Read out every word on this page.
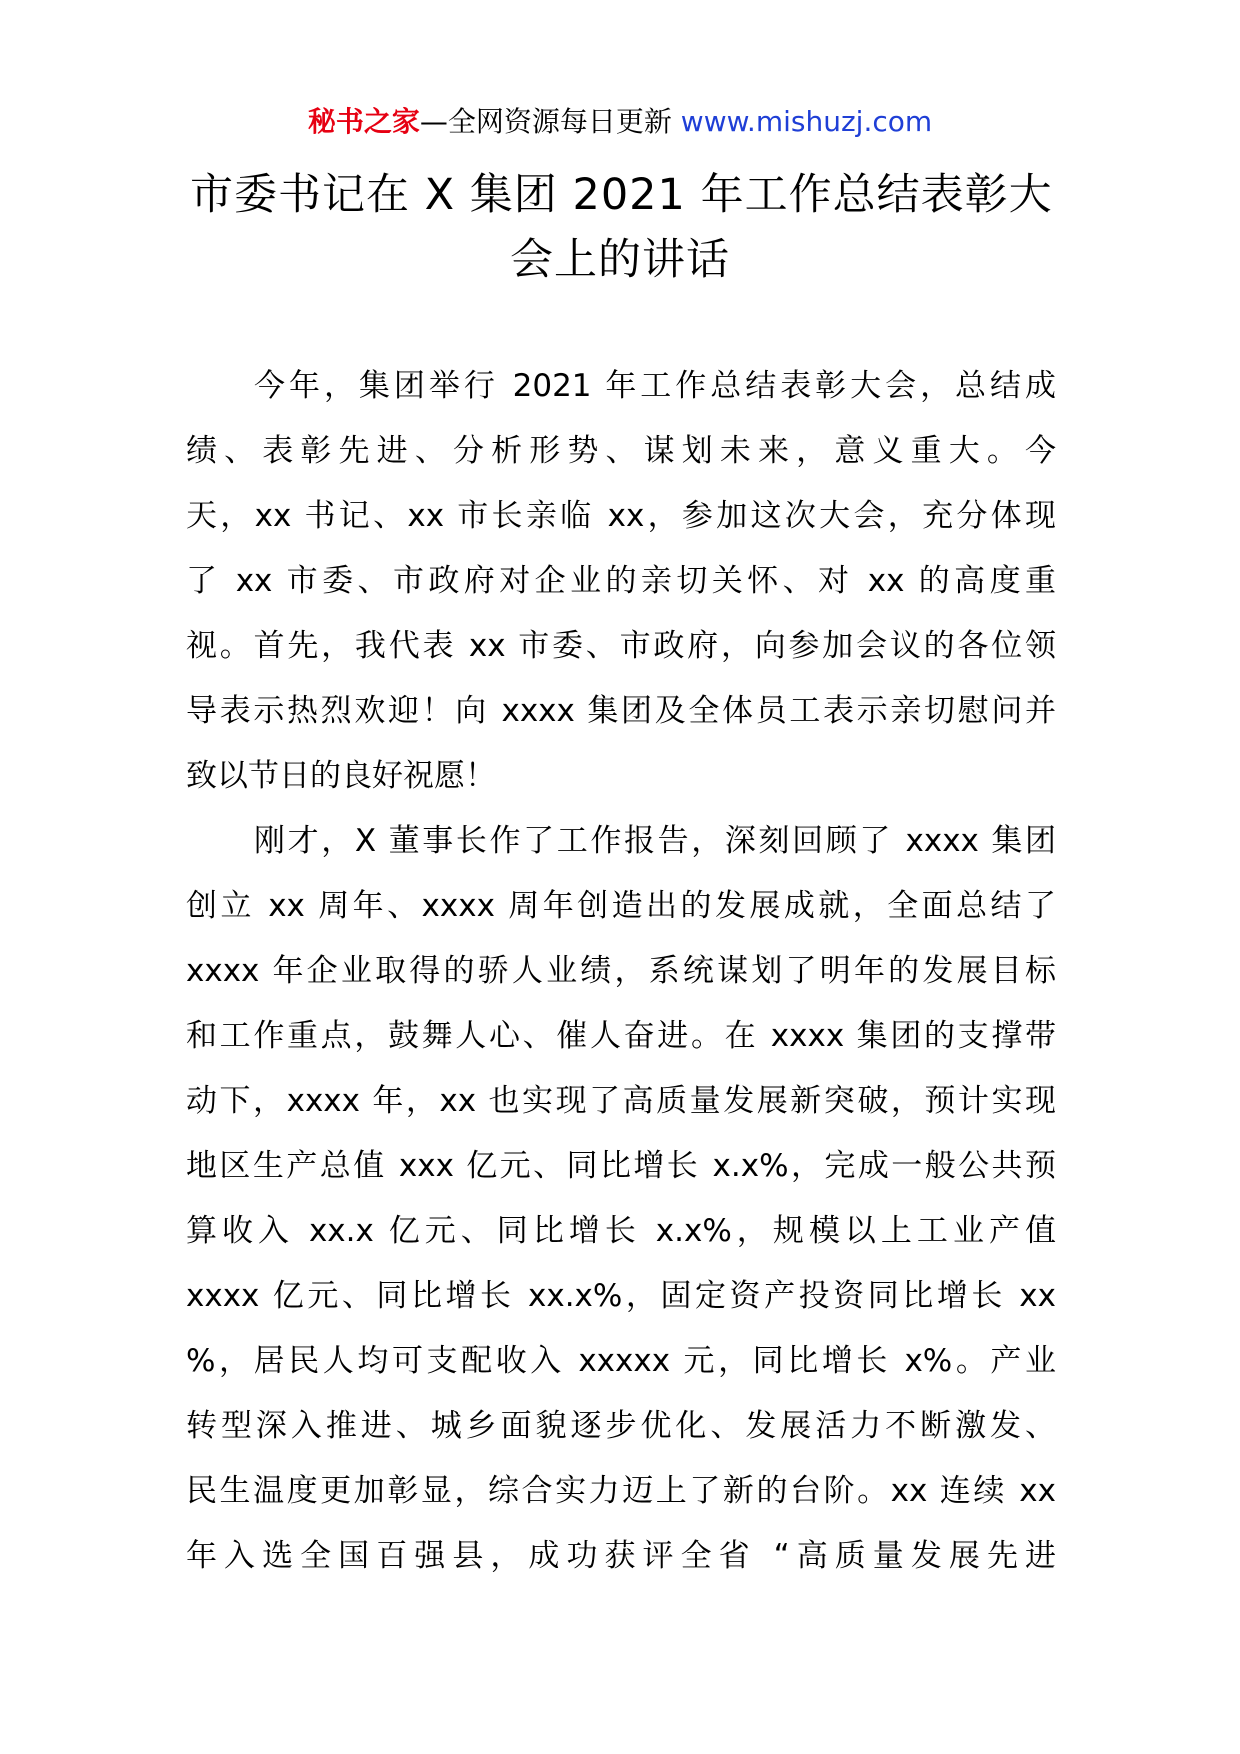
秘书之家—全网资源每日更新 www.mishuzj.com
市委书记在 X 集团 2021 年工作总结表彰大
会上的讲话
今年，集团举行 2021 年工作总结表彰大会，总结成
绩、表彰先进、分析形势、谋划未来，意义重大。今
天，xx 书记、xx 市长亲临 xx，参加这次大会，充分体现
了 xx 市委、市政府对企业的亲切关怀、对 xx 的高度重
视。首先，我代表 xx 市委、市政府，向参加会议的各位领
导表示热烈欢迎！向 xxxx 集团及全体员工表示亲切慰问并
致以节日的良好祝愿！
刚才，X 董事长作了工作报告，深刻回顾了 xxxx 集团
创立 xx 周年、xxxx 周年创造出的发展成就，全面总结了
xxxx 年企业取得的骄人业绩，系统谋划了明年的发展目标
和工作重点，鼓舞人心、催人奋进。在 xxxx 集团的支撑带
动下，xxxx 年，xx 也实现了高质量发展新突破，预计实现
地区生产总值 xxx 亿元、同比增长 x.x%，完成一般公共预
算收入 xx.x 亿元、同比增长 x.x%，规模以上工业产值
xxxx 亿元、同比增长 xx.x%，固定资产投资同比增长 xx
%，居民人均可支配收入 xxxxx 元，同比增长 x%。产业
转型深入推进、城乡面貌逐步优化、发展活力不断激发、
民生温度更加彰显，综合实力迈上了新的台阶。xx 连续 xx
年入选全国百强县，成功获评全省 “高质量发展先进
